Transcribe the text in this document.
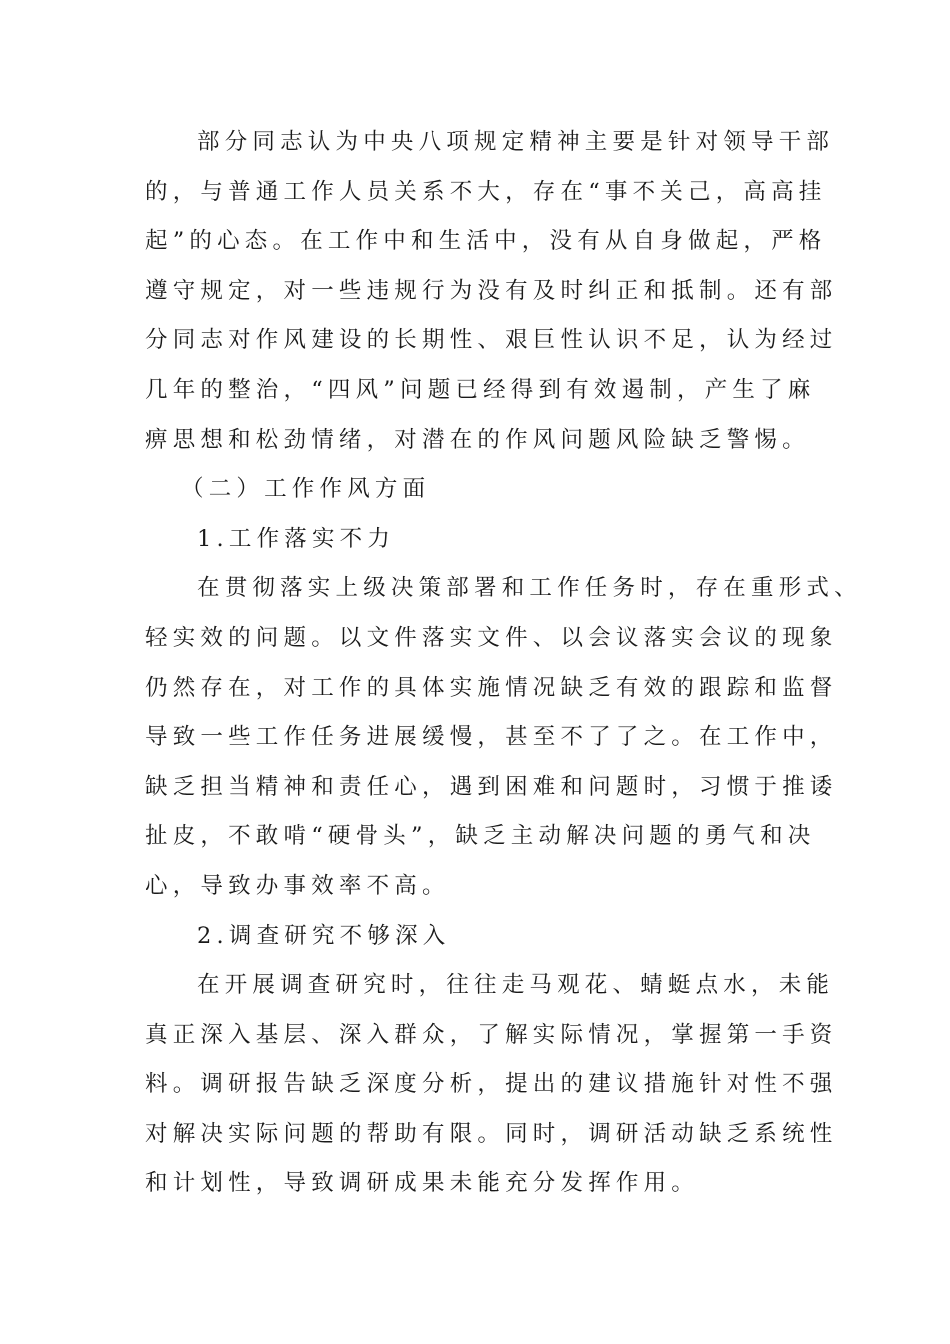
部分同志认为中央八项规定精神主要是针对领导干部
的，与普通工作人员关系不大，存在“事不关己，高高挂
起”的心态。在工作中和生活中，没有从自身做起，严格
遵守规定，对一些违规行为没有及时纠正和抵制。还有部
分同志对作风建设的长期性、艰巨性认识不足，认为经过
几年的整治，“四风”问题已经得到有效遏制，产生了麻
痹思想和松劲情绪，对潜在的作风问题风险缺乏警惕。
（二）工作作风方面
1.工作落实不力
在贯彻落实上级决策部署和工作任务时，存在重形式、
轻实效的问题。以文件落实文件、以会议落实会议的现象
仍然存在，对工作的具体实施情况缺乏有效的跟踪和监督
导致一些工作任务进展缓慢，甚至不了了之。在工作中，
缺乏担当精神和责任心，遇到困难和问题时，习惯于推诿
扯皮，不敢啃“硬骨头”，缺乏主动解决问题的勇气和决
心，导致办事效率不高。
2.调查研究不够深入
在开展调查研究时，往往走马观花、蜻蜓点水，未能
真正深入基层、深入群众，了解实际情况，掌握第一手资
料。调研报告缺乏深度分析，提出的建议措施针对性不强
对解决实际问题的帮助有限。同时，调研活动缺乏系统性
和计划性，导致调研成果未能充分发挥作用。
